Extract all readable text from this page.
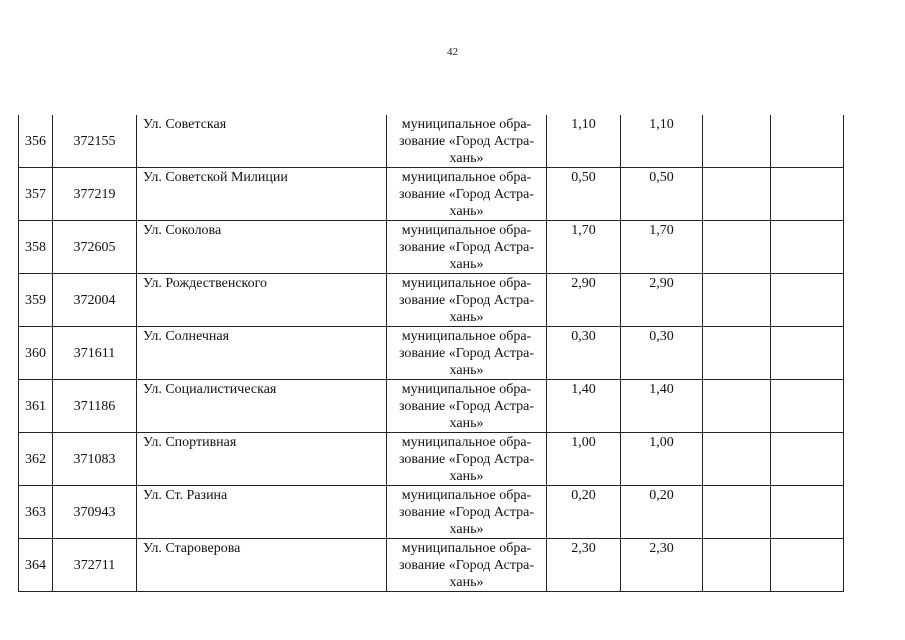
42
356	372155	Ул. Советская	муниципальное обра-
зование «Город Астра-
хань»	1,10	1,10		
357	377219	Ул. Советской Милиции	муниципальное обра-
зование «Город Астра-
хань»	0,50	0,50		
358	372605	Ул. Соколова	муниципальное обра-
зование «Город Астра-
хань»	1,70	1,70		
359	372004	Ул. Рождественского	муниципальное обра-
зование «Город Астра-
хань»	2,90	2,90		
360	371611	Ул. Солнечная	муниципальное обра-
зование «Город Астра-
хань»	0,30	0,30		
361	371186	Ул. Социалистическая	муниципальное обра-
зование «Город Астра-
хань»	1,40	1,40		
362	371083	Ул. Спортивная	муниципальное обра-
зование «Город Астра-
хань»	1,00	1,00		
363	370943	Ул. Ст. Разина	муниципальное обра-
зование «Город Астра-
хань»	0,20	0,20		
364	372711	Ул. Староверова	муниципальное обра-
зование «Город Астра-
хань»	2,30	2,30		
